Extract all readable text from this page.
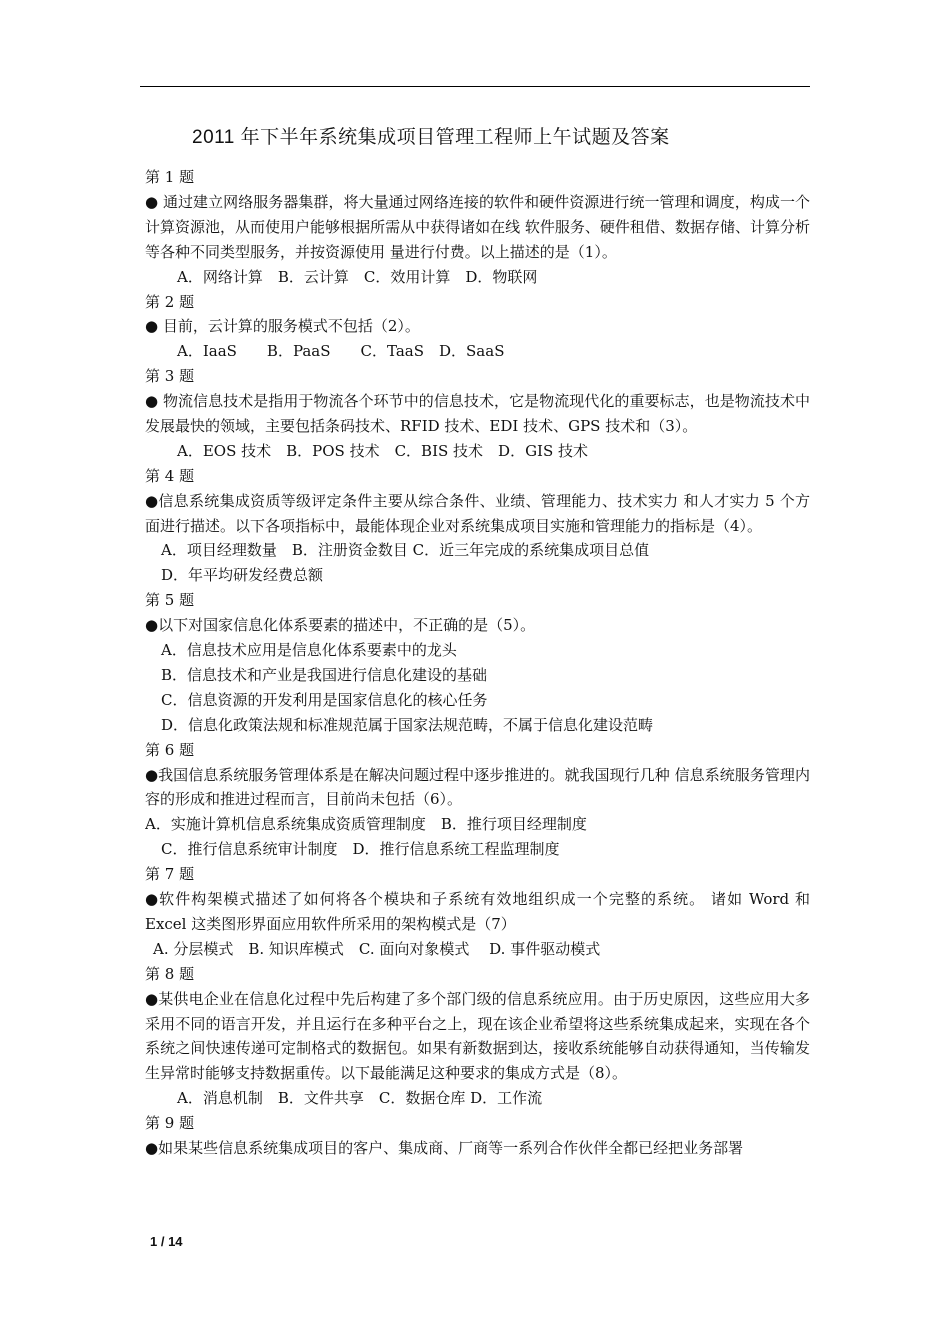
2011 年下半年系统集成项目管理工程师上午试题及答案
第 1 题
● 通过建立网络服务器集群，将大量通过网络连接的软件和硬件资源进行统一管理和调度，构成一个计算资源池，从而使用户能够根据所需从中获得诸如在线 软件服务、硬件租借、数据存储、计算分析等各种不同类型服务，并按资源使用 量进行付费。以上描述的是（1）。
A．网络计算　B．云计算　C．效用计算　D．物联网
第 2 题
● 目前，云计算的服务模式不包括（2）。
A．IaaS　　B．PaaS　　C．TaaS　D．SaaS
第 3 题
● 物流信息技术是指用于物流各个环节中的信息技术，它是物流现代化的重要标志，也是物流技术中发展最快的领域，主要包括条码技术、RFID 技术、EDI 技术、GPS 技术和（3）。
A．EOS 技术　B．POS 技术　C．BIS 技术　D．GIS 技术
第 4 题
●信息系统集成资质等级评定条件主要从综合条件、业绩、管理能力、技术实力 和人才实力 5 个方面进行描述。以下各项指标中，最能体现企业对系统集成项目实施和管理能力的指标是（4）。
A．项目经理数量　B．注册资金数目 C．近三年完成的系统集成项目总值
D．年平均研发经费总额
第 5 题
●以下对国家信息化体系要素的描述中，不正确的是（5）。
A．信息技术应用是信息化体系要素中的龙头
B．信息技术和产业是我国进行信息化建设的基础
C．信息资源的开发利用是国家信息化的核心任务
D．信息化政策法规和标准规范属于国家法规范畴，不属于信息化建设范畴
第 6 题
●我国信息系统服务管理体系是在解决问题过程中逐步推进的。就我国现行几种 信息系统服务管理内容的形成和推进过程而言，目前尚未包括（6）。
A．实施计算机信息系统集成资质管理制度　B．推行项目经理制度
C．推行信息系统审计制度　D．推行信息系统工程监理制度
第 7 题
●软件构架模式描述了如何将各个模块和子系统有效地组织成一个完整的系统。 诸如 Word 和 Excel 这类图形界面应用软件所采用的架构模式是（7）
A. 分层模式　B. 知识库模式　C. 面向对象模式　 D. 事件驱动模式
第 8 题
●某供电企业在信息化过程中先后构建了多个部门级的信息系统应用。由于历史原因，这些应用大多采用不同的语言开发，并且运行在多种平台之上，现在该企业希望将这些系统集成起来，实现在各个系统之间快速传递可定制格式的数据包。如果有新数据到达，接收系统能够自动获得通知，当传输发生异常时能够支持数据重传。以下最能满足这种要求的集成方式是（8）。
A．消息机制　B．文件共享　C．数据仓库 D．工作流
第 9 题
●如果某些信息系统集成项目的客户、集成商、厂商等一系列合作伙伴全都已经把业务部署
1 / 14
